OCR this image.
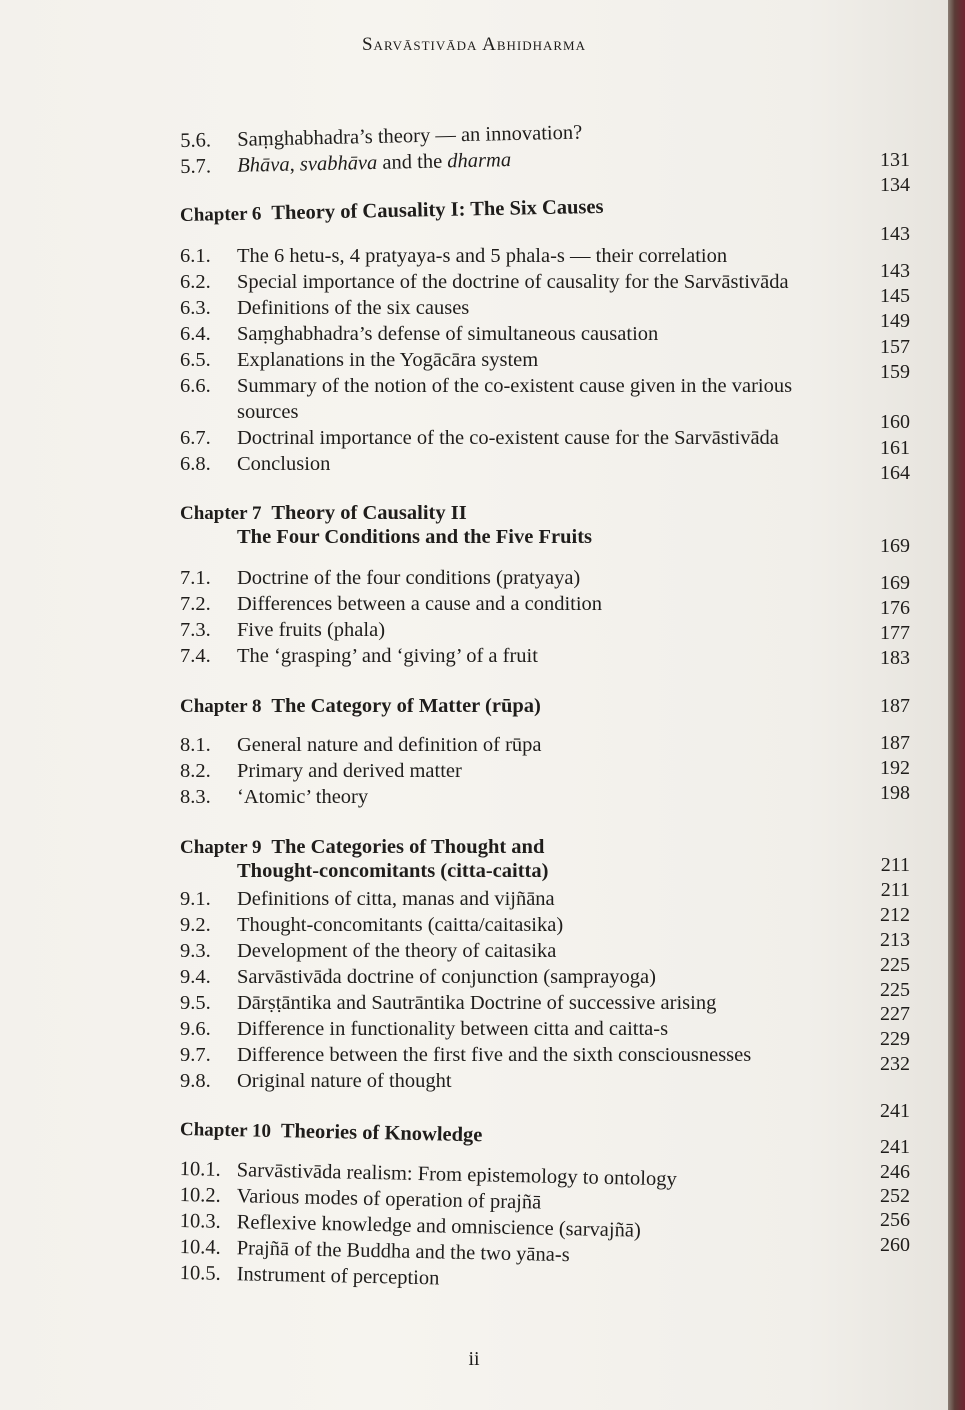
Sarvāstivāda Abhidharma
5.6. Saṃghabhadra’s theory — an innovation?
5.7. Bhāva, svabhāva and the dharma
Chapter 6 Theory of Causality I: The Six Causes
6.1. The 6 hetu-s, 4 pratyaya-s and 5 phala-s — their correlation
6.2. Special importance of the doctrine of causality for the Sarvāstivāda
6.3. Definitions of the six causes
6.4. Saṃghabhadra’s defense of simultaneous causation
6.5. Explanations in the Yogācāra system
6.6. Summary of the notion of the co-existent cause given in the various
sources
6.7. Doctrinal importance of the co-existent cause for the Sarvāstivāda
6.8. Conclusion
Chapter 7 Theory of Causality II
The Four Conditions and the Five Fruits
7.1. Doctrine of the four conditions (pratyaya)
7.2. Differences between a cause and a condition
7.3. Five fruits (phala)
7.4. The ‘grasping’ and ‘giving’ of a fruit
Chapter 8 The Category of Matter (rūpa)
8.1. General nature and definition of rūpa
8.2. Primary and derived matter
8.3. ‘Atomic’ theory
Chapter 9 The Categories of Thought and
Thought-concomitants (citta-caitta)
9.1. Definitions of citta, manas and vijñāna
9.2. Thought-concomitants (caitta/caitasika)
9.3. Development of the theory of caitasika
9.4. Sarvāstivāda doctrine of conjunction (samprayoga)
9.5. Dārṣṭāntika and Sautrāntika Doctrine of successive arising
9.6. Difference in functionality between citta and caitta-s
9.7. Difference between the first five and the sixth consciousnesses
9.8. Original nature of thought
Chapter 10 Theories of Knowledge
10.1. Sarvāstivāda realism: From epistemology to ontology
10.2. Various modes of operation of prajñā
10.3. Reflexive knowledge and omniscience (sarvajñā)
10.4. Prajñā of the Buddha and the two yāna-s
10.5. Instrument of perception
131
134
143
143
145
149
157
159
160
161
164
169
169
176
177
183
187
187
192
198
211
211
212
213
225
225
227
229
232
241
241
246
252
256
260
ii
